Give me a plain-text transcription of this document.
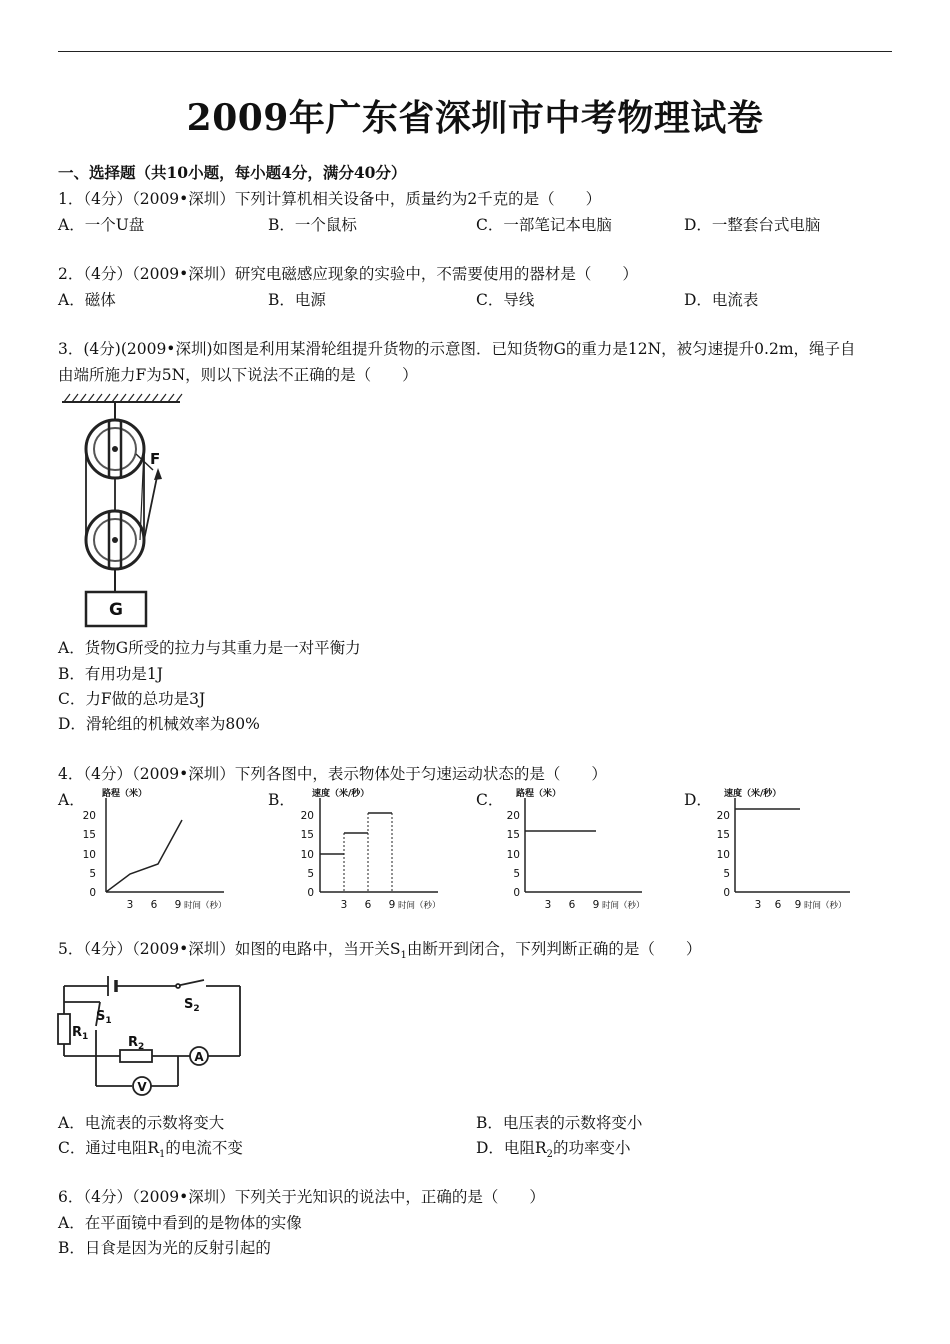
2009年广东省深圳市中考物理试卷
一、选择题（共10小题，每小题4分，满分40分）
1．（4分）（2009•深圳）下列计算机相关设备中，质量约为2千克的是（　　）
A．一个U盘	B．一个鼠标	C．一部笔记本电脑	D．一整套台式电脑
2．（4分）（2009•深圳）研究电磁感应现象的实验中，不需要使用的器材是（　　）
A．磁体	B．电源	C．导线	D．电流表
3．(4分)(2009•深圳)如图是利用某滑轮组提升货物的示意图．已知货物G的重力是12N，被匀速提升0.2m，绳子自
由端所施力F为5N，则以下说法不正确的是（　　）
F
G
A．货物G所受的拉力与其重力是一对平衡力
B．有用功是1J
C．力F做的总功是3J
D．滑轮组的机械效率为80%
4．（4分）（2009•深圳）下列各图中，表示物体处于匀速运动状态的是（　　）
A．	B．	C．	D．
路程（米）
20
15
10
5
0
3 6 9 时间（秒）
速度（米/秒）
20
15
10
5
0
3 6 9 时间（秒）
路程（米）
20
15
10
5
0
3 6 9 时间（秒）
速度（米/秒）
20
15
10
5
0
3 6 9 时间（秒）
5．（4分）（2009•深圳）如图的电路中，当开关$S_1$由断开到闭合，下列判断正确的是（　　）
$S_2$
$S_1$
$R_1$	$R_2$
A
V
A．电流表的示数将变大	B．电压表的示数将变小
C．通过电阻$R_1$的电流不变	D．电阻$R_2$的功率变小
6．（4分）（2009•深圳）下列关于光知识的说法中，正确的是（　　）
A．在平面镜中看到的是物体的实像
B．日食是因为光的反射引起的
